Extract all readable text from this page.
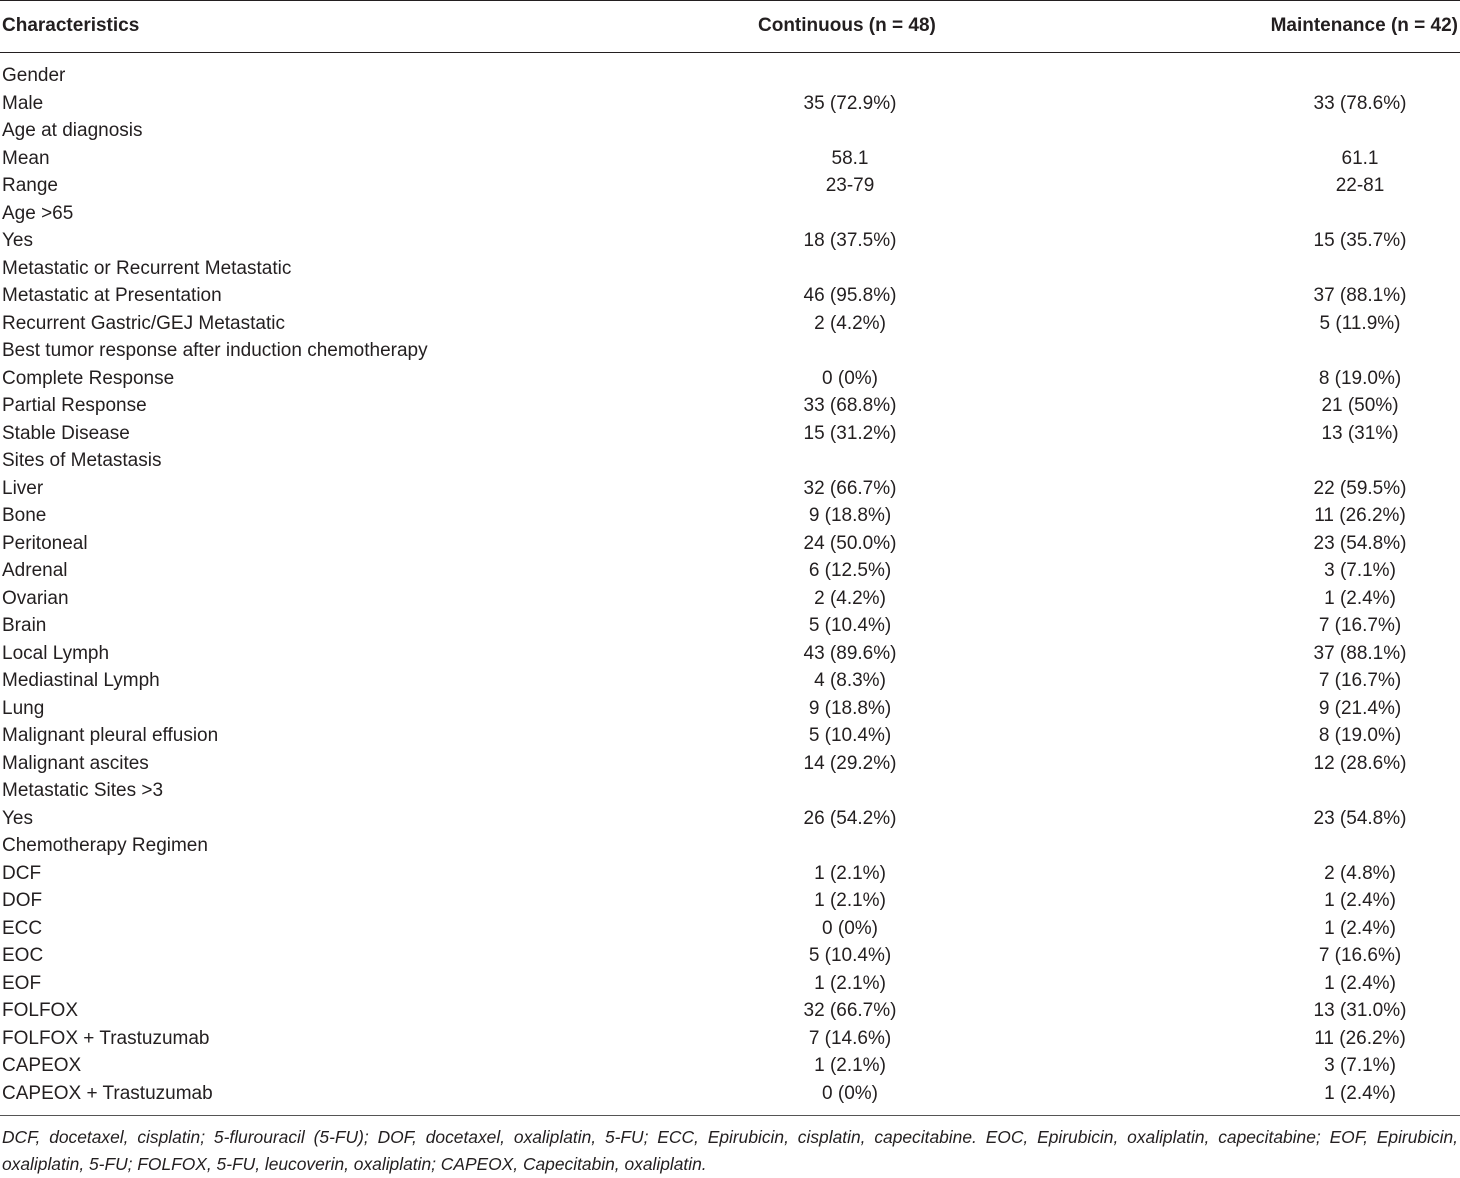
Characteristics	Continuous (n = 48)	Maintenance (n = 42)
Gender
Male	35 (72.9%)	33 (78.6%)
Age at diagnosis
Mean	58.1	61.1
Range	23-79	22-81
Age >65
Yes	18 (37.5%)	15 (35.7%)
Metastatic or Recurrent Metastatic
Metastatic at Presentation	46 (95.8%)	37 (88.1%)
Recurrent Gastric/GEJ Metastatic	2 (4.2%)	5 (11.9%)
Best tumor response after induction chemotherapy
Complete Response	0 (0%)	8 (19.0%)
Partial Response	33 (68.8%)	21 (50%)
Stable Disease	15 (31.2%)	13 (31%)
Sites of Metastasis
Liver	32 (66.7%)	22 (59.5%)
Bone	9 (18.8%)	11 (26.2%)
Peritoneal	24 (50.0%)	23 (54.8%)
Adrenal	6 (12.5%)	3 (7.1%)
Ovarian	2 (4.2%)	1 (2.4%)
Brain	5 (10.4%)	7 (16.7%)
Local Lymph	43 (89.6%)	37 (88.1%)
Mediastinal Lymph	4 (8.3%)	7 (16.7%)
Lung	9 (18.8%)	9 (21.4%)
Malignant pleural effusion	5 (10.4%)	8 (19.0%)
Malignant ascites	14 (29.2%)	12 (28.6%)
Metastatic Sites >3
Yes	26 (54.2%)	23 (54.8%)
Chemotherapy Regimen
DCF	1 (2.1%)	2 (4.8%)
DOF	1 (2.1%)	1 (2.4%)
ECC	0 (0%)	1 (2.4%)
EOC	5 (10.4%)	7 (16.6%)
EOF	1 (2.1%)	1 (2.4%)
FOLFOX	32 (66.7%)	13 (31.0%)
FOLFOX + Trastuzumab	7 (14.6%)	11 (26.2%)
CAPEOX	1 (2.1%)	3 (7.1%)
CAPEOX + Trastuzumab	0 (0%)	1 (2.4%)
DCF, docetaxel, cisplatin; 5-flurouracil (5-FU); DOF, docetaxel, oxaliplatin, 5-FU; ECC, Epirubicin, cisplatin, capecitabine. EOC, Epirubicin, oxaliplatin, capecitabine; EOF, Epirubicin, oxaliplatin, 5-FU; FOLFOX, 5-FU, leucoverin, oxaliplatin; CAPEOX, Capecitabin, oxaliplatin.
